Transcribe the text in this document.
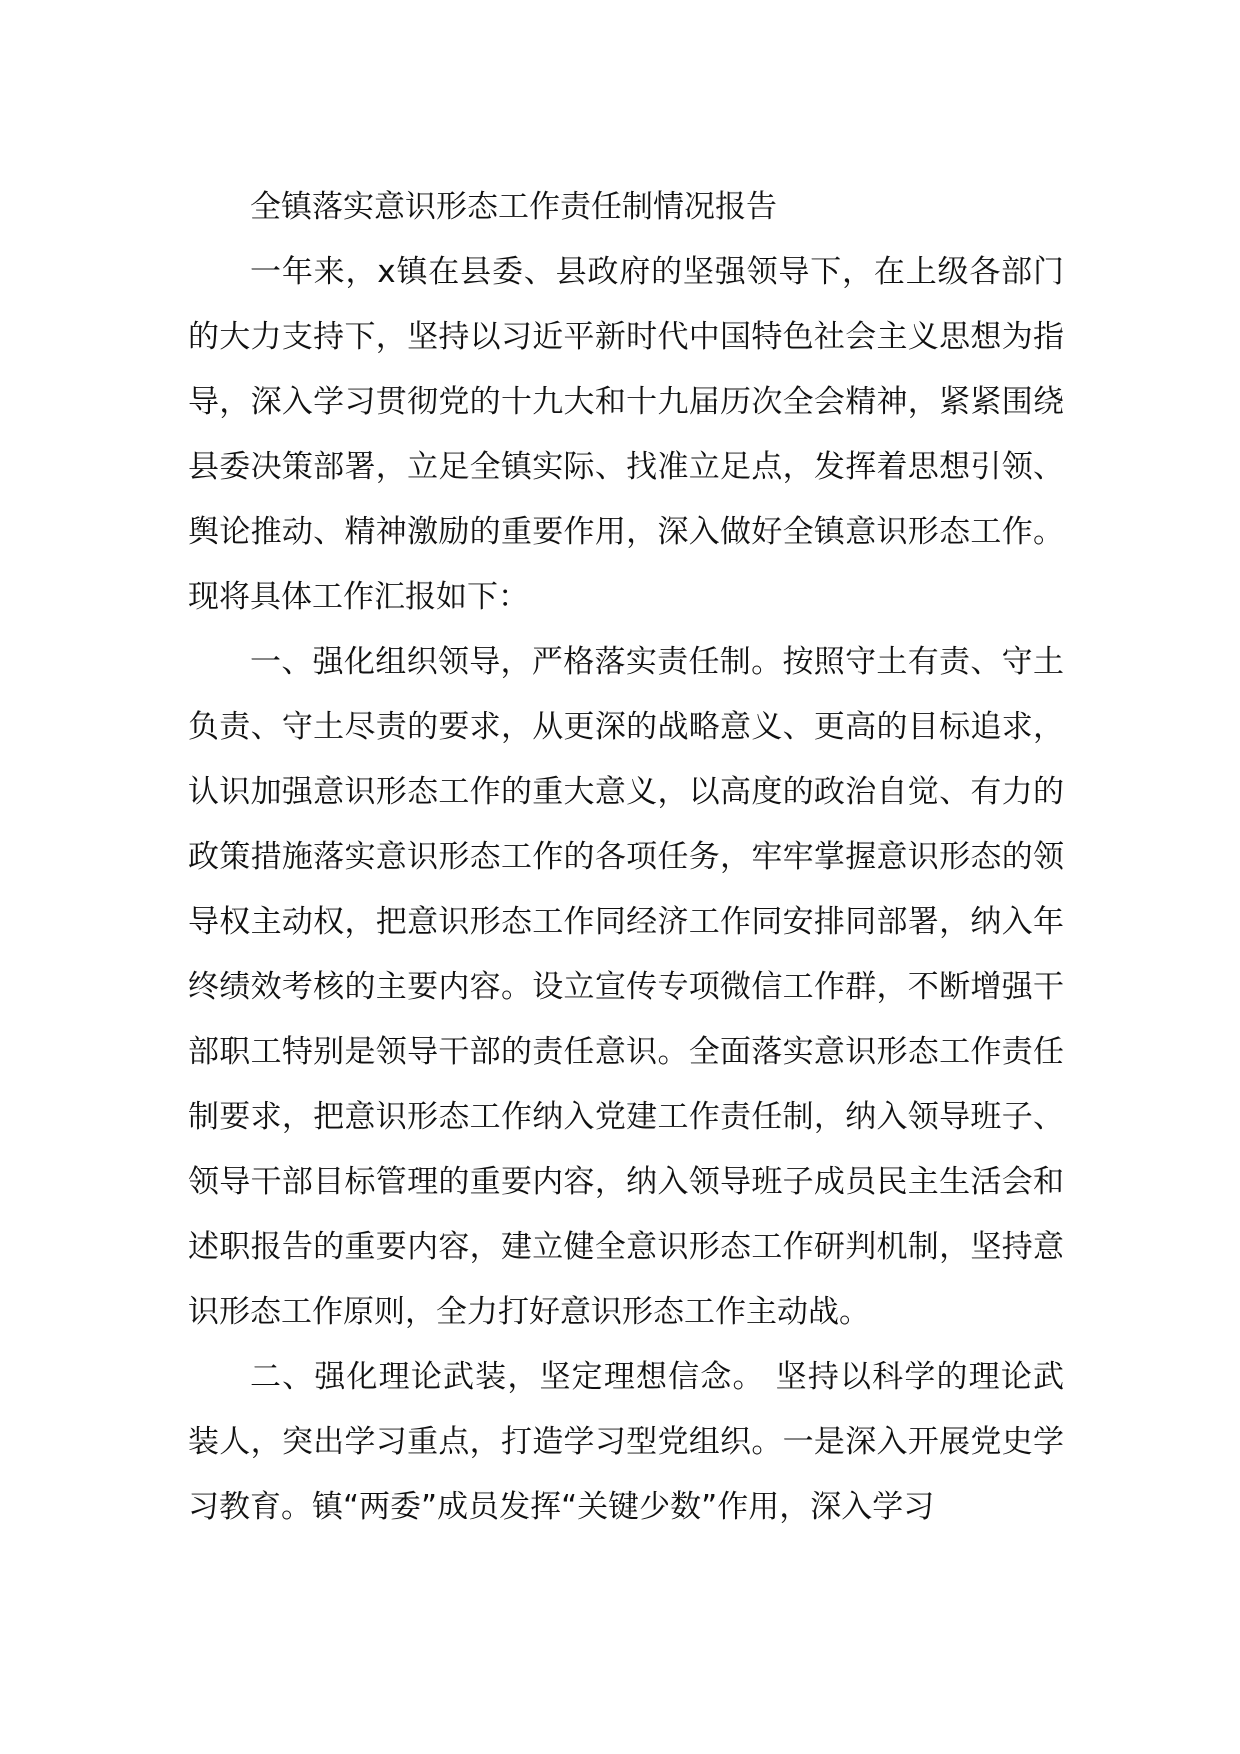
全镇落实意识形态工作责任制情况报告

一年来，x镇在县委、县政府的坚强领导下，在上级各部门的大力支持下，坚持以习近平新时代中国特色社会主义思想为指导，深入学习贯彻党的十九大和十九届历次全会精神，紧紧围绕县委决策部署，立足全镇实际、找准立足点，发挥着思想引领、舆论推动、精神激励的重要作用，深入做好全镇意识形态工作。现将具体工作汇报如下：

一、强化组织领导，严格落实责任制。按照守土有责、守土负责、守土尽责的要求，从更深的战略意义、更高的目标追求，认识加强意识形态工作的重大意义，以高度的政治自觉、有力的政策措施落实意识形态工作的各项任务，牢牢掌握意识形态的领导权主动权，把意识形态工作同经济工作同安排同部署，纳入年终绩效考核的主要内容。设立宣传专项微信工作群，不断增强干部职工特别是领导干部的责任意识。全面落实意识形态工作责任制要求，把意识形态工作纳入党建工作责任制，纳入领导班子、领导干部目标管理的重要内容，纳入领导班子成员民主生活会和述职报告的重要内容，建立健全意识形态工作研判机制，坚持意识形态工作原则，全力打好意识形态工作主动战。

二、强化理论武装，坚定理想信念。 坚持以科学的理论武装人，突出学习重点，打造学习型党组织。一是深入开展党史学习教育。镇“两委”成员发挥“关键少数”作用，深入学习
